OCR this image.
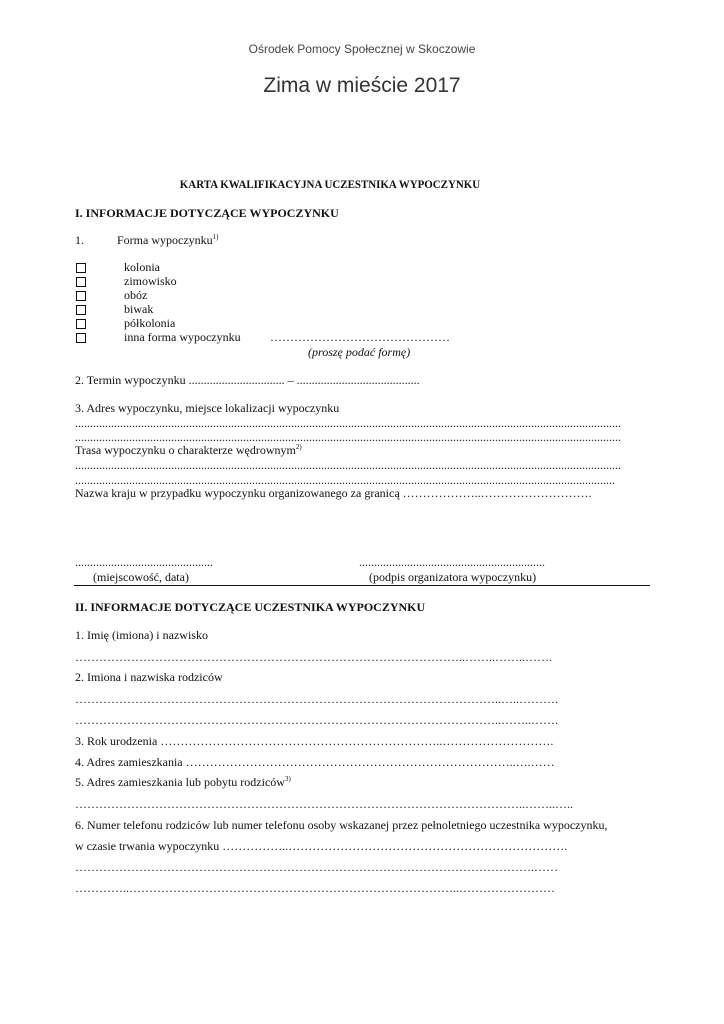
Ośrodek Pomocy Społecznej w Skoczowie
Zima w mieście 2017
KARTA KWALIFIKACYJNA UCZESTNIKA WYPOCZYNKU
I. INFORMACJE DOTYCZĄCE WYPOCZYNKU
1.	Forma wypoczynku$^{1)}$
kolonia
zimowisko
obóz
biwak
półkolonia
inna forma wypoczynku ………………………………………
(proszę podać formę)
2. Termin wypoczynku ................................ – .........................................
3. Adres wypoczynku, miejsce lokalizacji wypoczynku
......................................................................................................................................................................................
......................................................................................................................................................................................
Trasa wypoczynku o charakterze wędrownym$^{2)}$
......................................................................................................................................................................................
....................................................................................................................................................................................
Nazwa kraju w przypadku wypoczynku organizowanego za granicą ………………..……………………….
..............................................
(miejscowość, data)
..............................................................
(podpis organizatora wypoczynku)
II. INFORMACJE DOTYCZĄCE UCZESTNIKA WYPOCZYNKU
1. Imię (imiona) i nazwisko
……………………………………………………………………………………..……..……..…….
2. Imiona i nazwiska rodziców
……………………………………………………………………………………………..…..……….
……………………………………………………………………………………………..……..…….
3. Rok urodzenia ……………………………………………………………..……………………….
4. Adres zamieszkania ………………………………………………………………………..….……
5. Adres zamieszkania lub pobytu rodziców$^{3)}$
…………………………………………………………………………………………………..……..…..
6. Numer telefonu rodziców lub numer telefonu osoby wskazanej przez pełnoletniego uczestnika wypoczynku,
w czasie trwania wypoczynku ……………..…………………………………………………………….
…………………………………………………………………………………………………….……
…………..………………………………………………………………………..……………………
